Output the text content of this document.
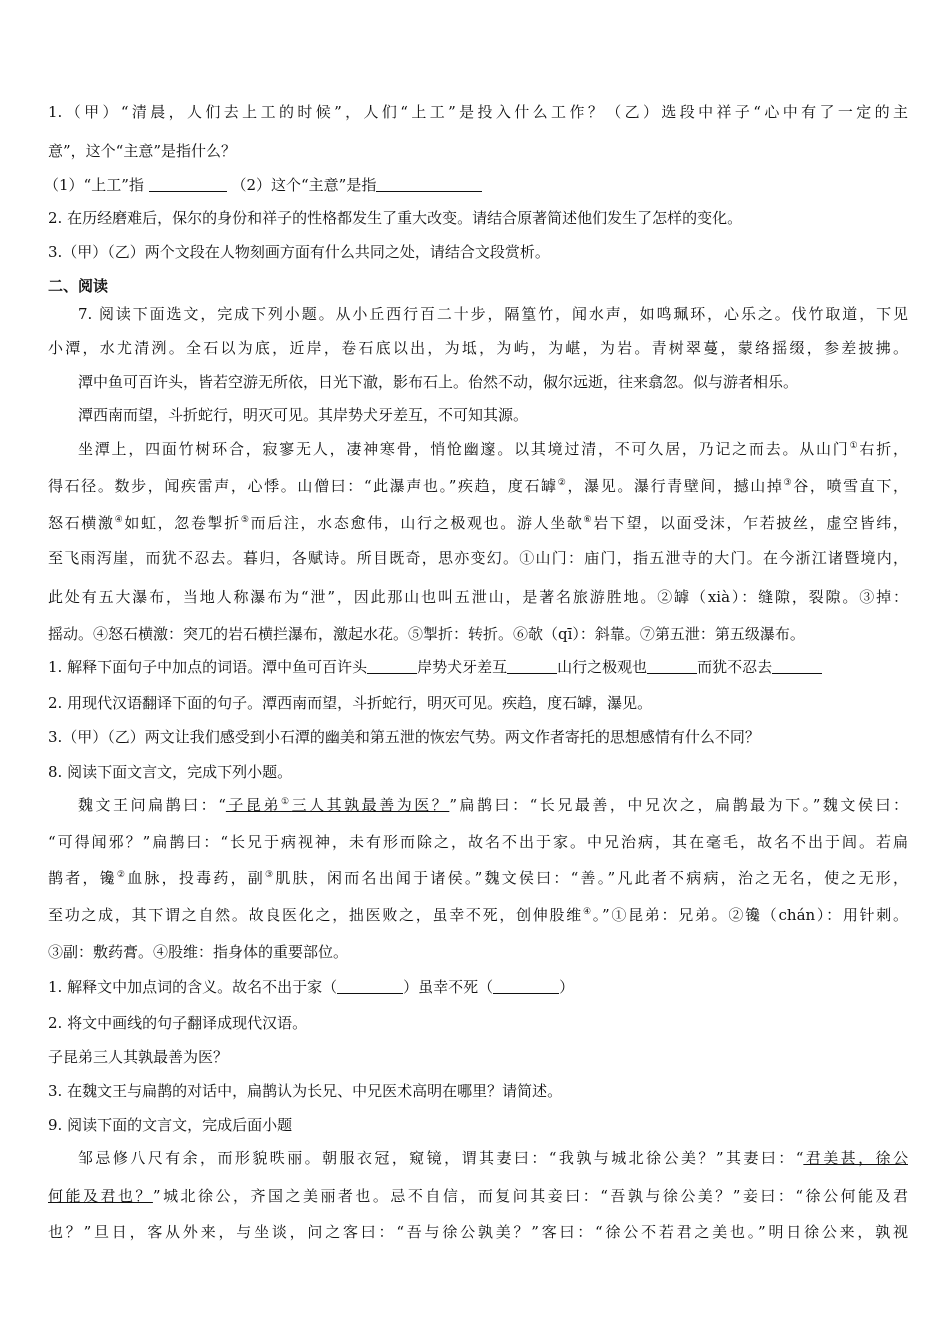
1.（甲）“清晨，人们去上工的时候”，人们“上工”是投入什么工作？（乙）选段中祥子“心中有了一定的主
意”，这个“主意”是指什么？
（1）“上工”指	（2）这个“主意”是指
2. 在历经磨难后，保尔的身份和祥子的性格都发生了重大改变。请结合原著简述他们发生了怎样的变化。
3.（甲）（乙）两个文段在人物刻画方面有什么共同之处，请结合文段赏析。
二、阅读
7. 阅读下面选文，完成下列小题。从小丘西行百二十步，隔篁竹，闻水声，如鸣珮环，心乐之。伐竹取道，下见
小潭，水尤清洌。全石以为底，近岸，卷石底以出，为坻，为屿，为嵁，为岩。青树翠蔓，蒙络摇缀，参差披拂。
潭中鱼可百许头，皆若空游无所依，日光下澈，影布石上。佁然不动，俶尔远逝，往来翕忽。似与游者相乐。
潭西南而望，斗折蛇行，明灭可见。其岸势犬牙差互，不可知其源。
坐潭上，四面竹树环合，寂寥无人，凄神寒骨，悄怆幽邃。以其境过清，不可久居，乃记之而去。从山门①右折，
得石径。数步，闻疾雷声，心悸。山僧曰：“此瀑声也。”疾趋，度石罅②，瀑见。瀑行青壁间，撼山掉③谷，喷雪直下，
怒石横激④如虹，忽卷掣折⑤而后注，水态愈伟，山行之极观也。游人坐欹⑥岩下望，以面受沫，乍若披丝，虚空皆纬，
至飞雨泻崖，而犹不忍去。暮归，各赋诗。所目既奇，思亦变幻。①山门：庙门，指五泄寺的大门。在今浙江诸暨境内，
此处有五大瀑布，当地人称瀑布为“泄”，因此那山也叫五泄山，是著名旅游胜地。②罅（xià）：缝隙，裂隙。③掉：
摇动。④怒石横激：突兀的岩石横拦瀑布，激起水花。⑤掣折：转折。⑥欹（qī）：斜靠。⑦第五泄：第五级瀑布。
1. 解释下面句子中加点的词语。潭中鱼可百许头	岸势犬牙差互	山行之极观也	而犹不忍去
2. 用现代汉语翻译下面的句子。潭西南而望，斗折蛇行，明灭可见。疾趋，度石罅，瀑见。
3.（甲）（乙）两文让我们感受到小石潭的幽美和第五泄的恢宏气势。两文作者寄托的思想感情有什么不同？
8. 阅读下面文言文，完成下列小题。
魏文王问扁鹊曰：“子昆弟①三人其孰最善为医？”扁鹊曰：“长兄最善，中兄次之，扁鹊最为下。”魏文侯曰：
“可得闻邪？”扁鹊曰：“长兄于病视神，未有形而除之，故名不出于家。中兄治病，其在毫毛，故名不出于闾。若扁
鹊者，镵②血脉，投毒药，副③肌肤，闲而名出闻于诸侯。”魏文侯曰：“善。”凡此者不病病，治之无名，使之无形，
至功之成，其下谓之自然。故良医化之，拙医败之，虽幸不死，创伸股维④。”①昆弟：兄弟。②镵（chán）：用针刺。
③副：敷药膏。④股维：指身体的重要部位。
1. 解释文中加点词的含义。故名不出于家（	）虽幸不死（	）
2. 将文中画线的句子翻译成现代汉语。
子昆弟三人其孰最善为医？
3. 在魏文王与扁鹊的对话中，扁鹊认为长兄、中兄医术高明在哪里？请简述。
9. 阅读下面的文言文，完成后面小题
邹忌修八尺有余，而形貌昳丽。朝服衣冠，窥镜，谓其妻曰：“我孰与城北徐公美？”其妻曰：“君美甚，徐公
何能及君也？”城北徐公，齐国之美丽者也。忌不自信，而复问其妾曰：“吾孰与徐公美？”妾曰：“徐公何能及君
也？”旦日，客从外来，与坐谈，问之客曰：“吾与徐公孰美？”客曰：“徐公不若君之美也。”明日徐公来，孰视
